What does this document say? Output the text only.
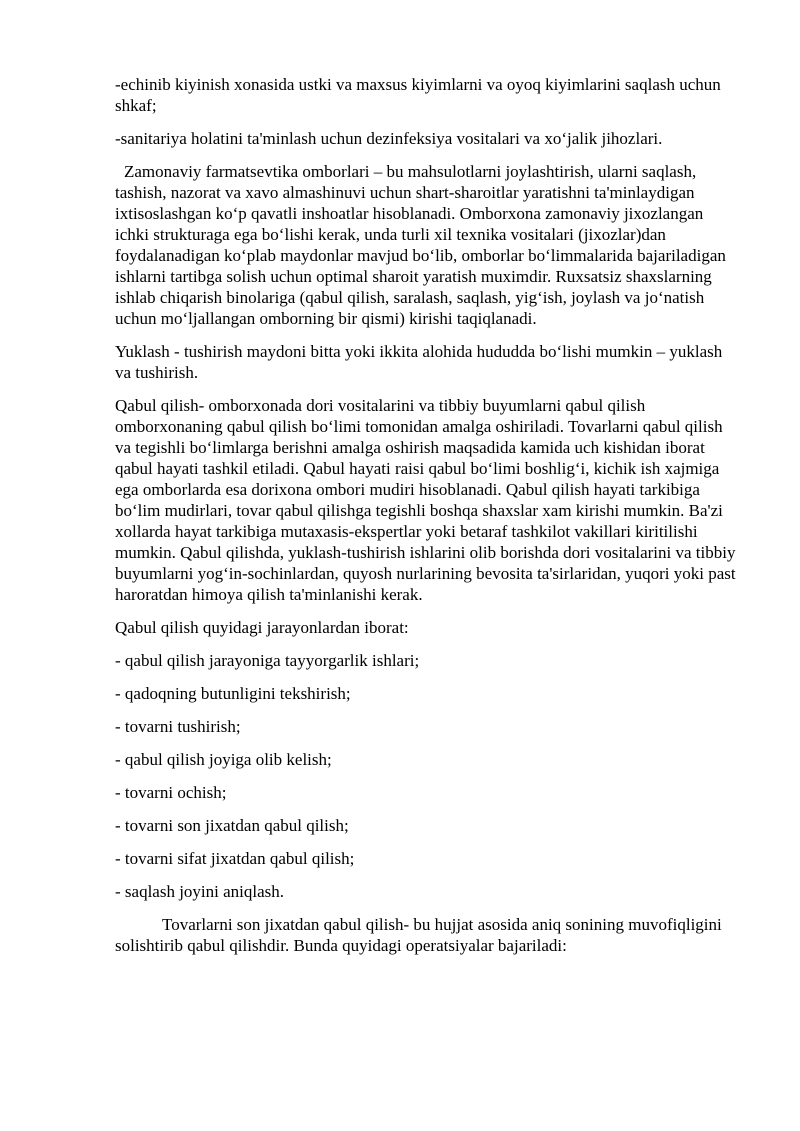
-echinib kiyinish xonasida ustki va maxsus kiyimlarni va oyoq kiyimlarini saqlash uchun shkaf;

-sanitariya holatini ta'minlash uchun dezinfeksiya vositalari va xoʻjalik jihozlari.

Zamonaviy farmatsevtika omborlari – bu mahsulotlarni joylashtirish, ularni saqlash, tashish, nazorat va xavo almashinuvi uchun shart-sharoitlar yaratishni ta'minlaydigan ixtisoslashgan koʻp qavatli inshoatlar hisoblanadi. Omborxona zamonaviy jixozlangan ichki strukturaga ega boʻlishi kerak, unda turli xil texnika vositalari (jixozlar)dan foydalanadigan koʻplab maydonlar mavjud boʻlib, omborlar boʻlimmalarida bajariladigan ishlarni tartibga solish uchun optimal sharoit yaratish muximdir. Ruxsatsiz shaxslarning ishlab chiqarish binolariga (qabul qilish, saralash, saqlash, yigʻish, joylash va joʻnatish uchun moʻljallangan omborning bir qismi) kirishi taqiqlanadi.

Yuklash - tushirish maydoni bitta yoki ikkita alohida hududda boʻlishi mumkin – yuklash va tushirish.

Qabul qilish- omborxonada dori vositalarini va tibbiy buyumlarni qabul qilish omborxonaning qabul qilish boʻlimi tomonidan amalga oshiriladi. Tovarlarni qabul qilish va tegishli boʻlimlarga berishni amalga oshirish maqsadida kamida uch kishidan iborat qabul hayati tashkil etiladi. Qabul hayati raisi qabul boʻlimi boshligʻi, kichik ish xajmiga ega omborlarda esa dorixona ombori mudiri hisoblanadi. Qabul qilish hayati tarkibiga boʻlim mudirlari, tovar qabul qilishga tegishli boshqa shaxslar xam kirishi mumkin. Ba'zi xollarda hayat tarkibiga mutaxasis-ekspertlar yoki betaraf tashkilot vakillari kiritilishi mumkin. Qabul qilishda, yuklash-tushirish ishlarini olib borishda dori vositalarini va tibbiy buyumlarni yogʻin-sochinlardan, quyosh nurlarining bevosita ta'sirlaridan, yuqori yoki past haroratdan himoya qilish ta'minlanishi kerak.

Qabul qilish quyidagi jarayonlardan iborat:

- qabul qilish jarayoniga tayyorgarlik ishlari;

- qadoqning butunligini tekshirish;

- tovarni tushirish;

- qabul qilish joyiga olib kelish;

- tovarni ochish;

- tovarni son jixatdan qabul qilish;

- tovarni sifat jixatdan qabul qilish;

- saqlash joyini aniqlash.

Tovarlarni son jixatdan qabul qilish- bu hujjat asosida aniq sonining muvofiqligini solishtirib qabul qilishdir. Bunda quyidagi operatsiyalar bajariladi:
